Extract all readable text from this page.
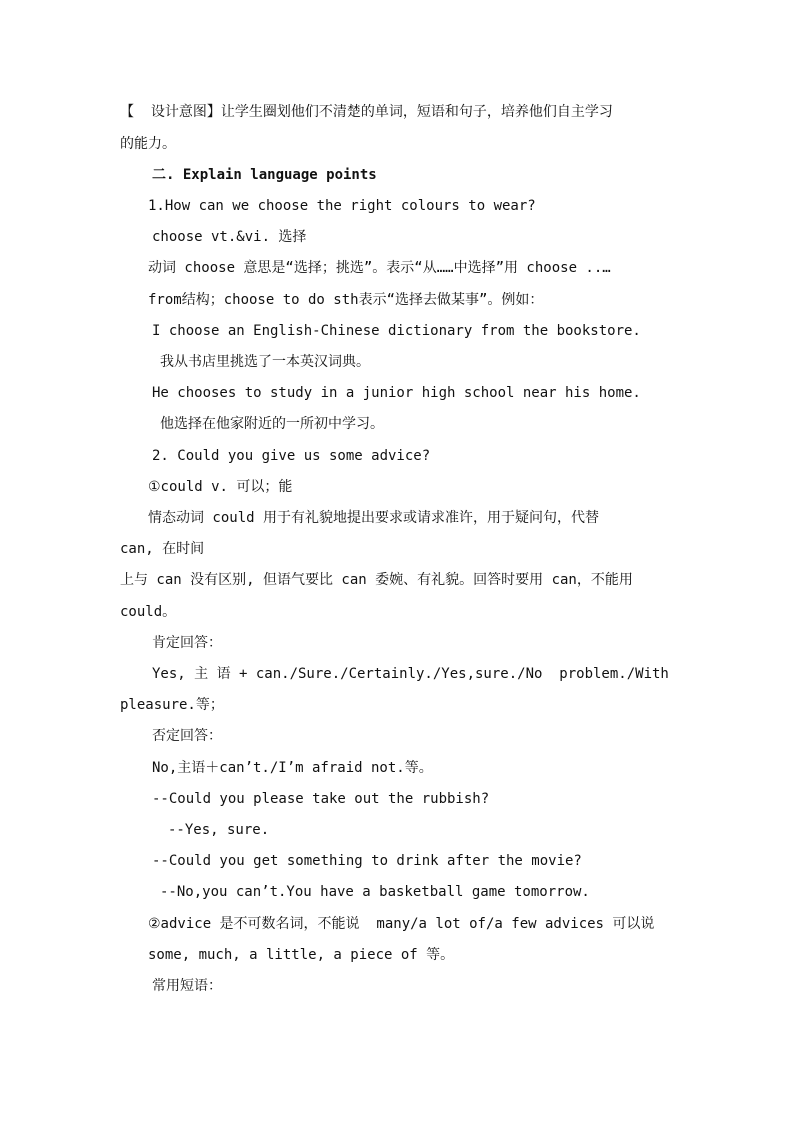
【  设计意图】让学生圈划他们不清楚的单词，短语和句子，培养他们自主学习
的能力。
二. Explain language points
1.How can we choose the right colours to wear?
choose vt.&vi. 选择
动词 choose 意思是“选择；挑选”。表示“从……中选择”用 choose ..…
from结构；choose to do sth表示“选择去做某事”。例如：
I choose an English-Chinese dictionary from the bookstore.
我从书店里挑选了一本英汉词典。
He chooses to study in a junior high school near his home.
他选择在他家附近的一所初中学习。
2. Could you give us some advice?
①could v. 可以；能
情态动词 could 用于有礼貌地提出要求或请求准许，用于疑问句，代替
can, 在时间
上与 can 没有区别, 但语气要比 can 委婉、有礼貌。回答时要用 can，不能用
could。
肯定回答：
Yes, 主 语 + can./Sure./Certainly./Yes,sure./No  problem./With
pleasure.等；
否定回答：
No,主语＋can’t./I’m afraid not.等。
--Could you please take out the rubbish?
--Yes, sure.
--Could you get something to drink after the movie?
--No,you can’t.You have a basketball game tomorrow.
②advice 是不可数名词，不能说  many/a lot of/a few advices 可以说
some, much, a little, a piece of 等。
常用短语：
